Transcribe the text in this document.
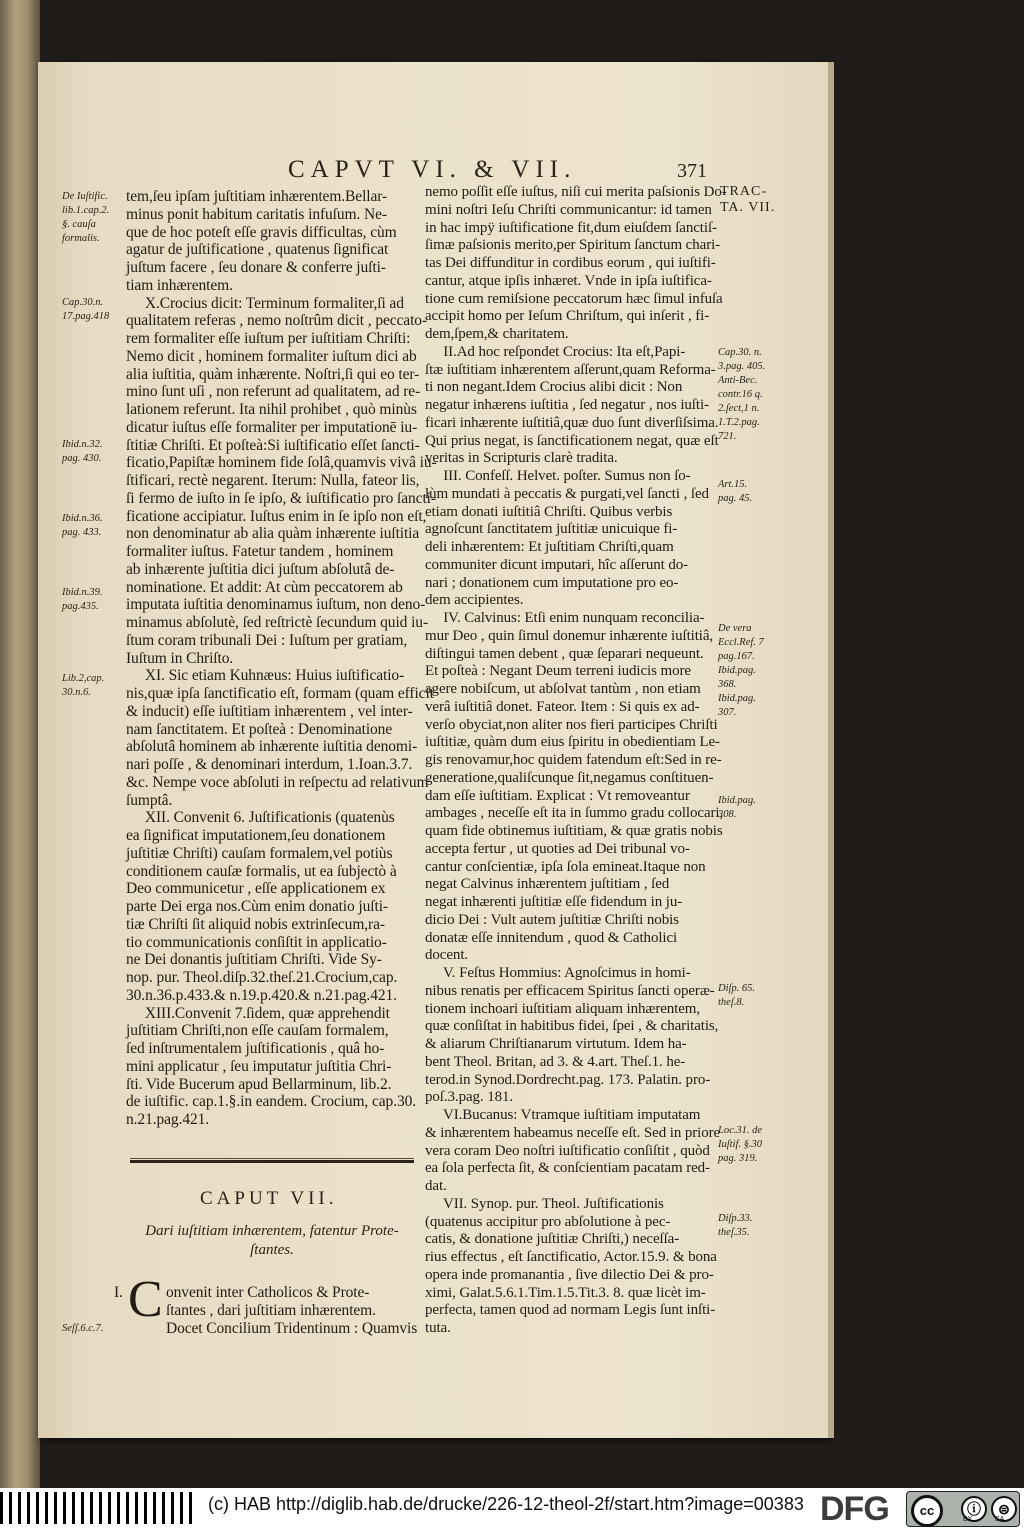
CAPVT VI. & VII.	371
TRAC-
TA. VII.
tem,ſeu ipſam juſtitiam inhærentem.Bellar-
minus ponit habitum caritatis infuſum. Ne-
que de hoc poteſt eſſe gravis difficultas, cùm
agatur de juſtificatione , quatenus ſignificat
juſtum facere , ſeu donare & conferre juſti-
tiam inhærentem.
X.Crocius dicit: Terminum formaliter,ſi ad
qualitatem referas , nemo noſtrûm dicit , peccato-
rem formaliter eſſe iuſtum per iuſtitiam Chriſti:
Nemo dicit , hominem formaliter iuſtum dici ab
alia iuſtitia, quàm inhærente. Noſtri,ſi qui eo ter-
mino ſunt uſi , non referunt ad qualitatem, ad re-
lationem referunt. Ita nihil prohibet , quò minùs
dicatur iuſtus eſſe formaliter per imputationē iu-
ſtitiæ Chriſti. Et poſteà:Si iuſtificatio eſſet ſancti-
ficatio,Papiſtæ hominem fide ſolâ,quamvis vivâ iu-
ſtificari, rectè negarent. Iterum: Nulla, fateor lis,
ſi fermo de iuſto in ſe ipſo, & iuſtificatio pro ſancti-
ficatione accipiatur. Iuſtus enim in ſe ipſo non eſt,
non denominatur ab alia quàm inhærente iuſtitia
formaliter iuſtus. Fatetur tandem , hominem
ab inhærente juſtitia dici juſtum abſolutâ de-
nominatione. Et addit: At cùm peccatorem ab
imputata iuſtitia denominamus iuſtum, non deno-
minamus abſolutè, ſed reſtrictè ſecundum quid iu-
ſtum coram tribunali Dei : Iuſtum per gratiam,
Iuſtum in Chriſto.
XI. Sic etiam Kuhnæus: Huius iuſtificatio-
nis,quæ ipſa ſanctificatio eſt, formam (quam efficit
& inducit) eſſe iuſtitiam inhærentem , vel inter-
nam ſanctitatem. Et poſteà : Denominatione
abſolutâ hominem ab inhærente iuſtitia denomi-
nari poſſe , & denominari interdum, 1.Ioan.3.7.
&c. Nempe voce abſoluti in reſpectu ad relativum
ſumptâ.
XII. Convenit 6. Juſtificationis (quatenùs
ea ſignificat imputationem,ſeu donationem
juſtitiæ Chriſti) cauſam formalem,vel potiùs
conditionem cauſæ formalis, ut ea ſubjectò à
Deo communicetur , eſſe applicationem ex
parte Dei erga nos.Cùm enim donatio juſti-
tiæ Chriſti ſit aliquid nobis extrinſecum,ra-
tio communicationis conſiſtit in applicatio-
ne Dei donantis juſtitiam Chriſti. Vide Sy-
nop. pur. Theol.diſp.32.theſ.21.Crocium,cap.
30.n.36.p.433.& n.19.p.420.& n.21.pag.421.
XIII.Convenit 7.ſidem, quæ apprehendit
juſtitiam Chriſti,non eſſe cauſam formalem,
ſed inſtrumentalem juſtificationis , quâ ho-
mini applicatur , ſeu imputatur juſtitia Chri-
ſti. Vide Bucerum apud Bellarminum, lib.2.
de iuſtific. cap.1.§.in eandem. Crocium, cap.30.
n.21.pag.421.
De Iuſtific.
lib.1.cap.2.
§. cauſa
formalis.
Cap.30.n.
17.pag.418
Ibid.n.32.
pag. 430.
Ibid.n.36.
pag. 433.
Ibid.n.39.
pag.435.
Lib.2,cap.
30.n.6.
Seſſ.6.c.7.
CAPUT VII.
Dari iuſtitiam inhærentem, fatentur Prote-
ſtantes.
I. C onvenit inter Catholicos & Prote-
ſtantes , dari juſtitiam inhærentem.
Docet Concilium Tridentinum : Quamvis
nemo poſſit eſſe iuſtus, niſi cui merita paſsionis Do-
mini noſtri Ieſu Chriſti communicantur: id tamen
in hac impÿ iuſtificatione fit,dum eiuſdem ſanctiſ-
ſimæ paſsionis merito,per Spiritum ſanctum chari-
tas Dei diffunditur in cordibus eorum , qui iuſtifi-
cantur, atque ipſis inhæret. Vnde in ipſa iuſtifica-
tione cum remiſsione peccatorum hæc ſimul infuſa
accipit homo per Ieſum Chriſtum, qui inſerit , fi-
dem,ſpem,& charitatem.
II.Ad hoc reſpondet Crocius: Ita eſt,Papi-
ſtæ iuſtitiam inhærentem aſſerunt,quam Reforma-
ti non negant.Idem Crocius alibi dicit : Non
negatur inhærens iuſtitia , ſed negatur , nos iuſti-
ficari inhærente iuſtitiâ,quæ duo ſunt diverſiſsima.
Qui prius negat, is ſanctificationem negat, quæ eſt
veritas in Scripturis clarè tradita.
III. Confeſſ. Helvet. poſter. Sumus non ſo-
lùm mundati à peccatis & purgati,vel ſancti , ſed
etiam donati iuſtitiâ Chriſti. Quibus verbis
agnoſcunt ſanctitatem juſtitiæ unicuique fi-
deli inhærentem: Et juſtitiam Chriſti,quam
communiter dicunt imputari, hîc aſſerunt do-
nari ; donationem cum imputatione pro eo-
dem accipientes.
IV. Calvinus: Etſi enim nunquam reconcilia-
mur Deo , quin ſimul donemur inhærente iuſtitiâ,
diſtingui tamen debent , quæ ſeparari nequeunt.
Et poſteà : Negant Deum terreni iudicis more
agere nobiſcum, ut abſolvat tantùm , non etiam
verâ iuſtitiâ donet. Fateor. Item : Si quis ex ad-
verſo obyciat,non aliter nos fieri participes Chriſti
iuſtitiæ, quàm dum eius ſpiritu in obedientiam Le-
gis renovamur,hoc quidem fatendum eſt:Sed in re-
generatione,qualiſcunque ſit,negamus conſtituen-
dam eſſe iuſtitiam. Explicat : Vt removeantur
ambages , neceſſe eſt ita in ſummo gradu collocari,
quam fide obtinemus iuſtitiam, & quæ gratis nobis
accepta fertur , ut quoties ad Dei tribunal vo-
cantur conſcientiæ, ipſa ſola emineat.Itaque non
negat Calvinus inhærentem juſtitiam , ſed
negat inhærenti juſtitiæ eſſe fidendum in ju-
dicio Dei : Vult autem juſtitiæ Chriſti nobis
donatæ eſſe innitendum , quod & Catholici
docent.
V. Feſtus Hommius: Agnoſcimus in homi-
nibus renatis per efficacem Spiritus ſancti operæ-
tionem inchoari iuſtitiam aliquam inhærentem,
quæ conſiſtat in habitibus fidei, ſpei , & charitatis,
& aliarum Chriſtianarum virtutum. Idem ha-
bent Theol. Britan, ad 3. & 4.art. Theſ.1. he-
terod.in Synod.Dordrecht.pag. 173. Palatin. pro-
poſ.3.pag. 181.
VI.Bucanus: Vtramque iuſtitiam imputatam
& inhærentem habeamus neceſſe eſt. Sed in priore
vera coram Deo noſtri iuſtificatio conſiſtit , quòd
ea ſola perfecta ſit, & conſcientiam pacatam red-
dat.
VII. Synop. pur. Theol. Juſtificationis
(quatenus accipitur pro abſolutione à pec-
catis, & donatione juſtitiæ Chriſti,) neceſſa-
rius effectus , eſt ſanctificatio, Actor.15.9. & bona
opera inde promanantia , ſive dilectio Dei & pro-
ximi, Galat.5.6.1.Tim.1.5.Tit.3. 8. quæ licèt im-
perfecta, tamen quod ad normam Legis ſunt inſti-
tuta.
Cap.30. n.
3.pag. 405.
Anti-Bec.
contr.16 q.
2.ſect,1 n.
1.T.2.pag.
721.
Art.15.
pag. 45.
De vera
Eccl.Ref. 7
pag.167.
Ibid.pag.
368.
Ibid.pag.
307.
Ibid.pag.
308.
Diſp. 65.
theſ.8.
Loc.31. de
Iuſtif. §.30
pag. 319.
Diſp.33.
theſ.35.
(c) HAB http://diglib.hab.de/drucke/226-12-theol-2f/start.htm?image=00383 DFG	cc	ⓘ	⊜
BY	SA
